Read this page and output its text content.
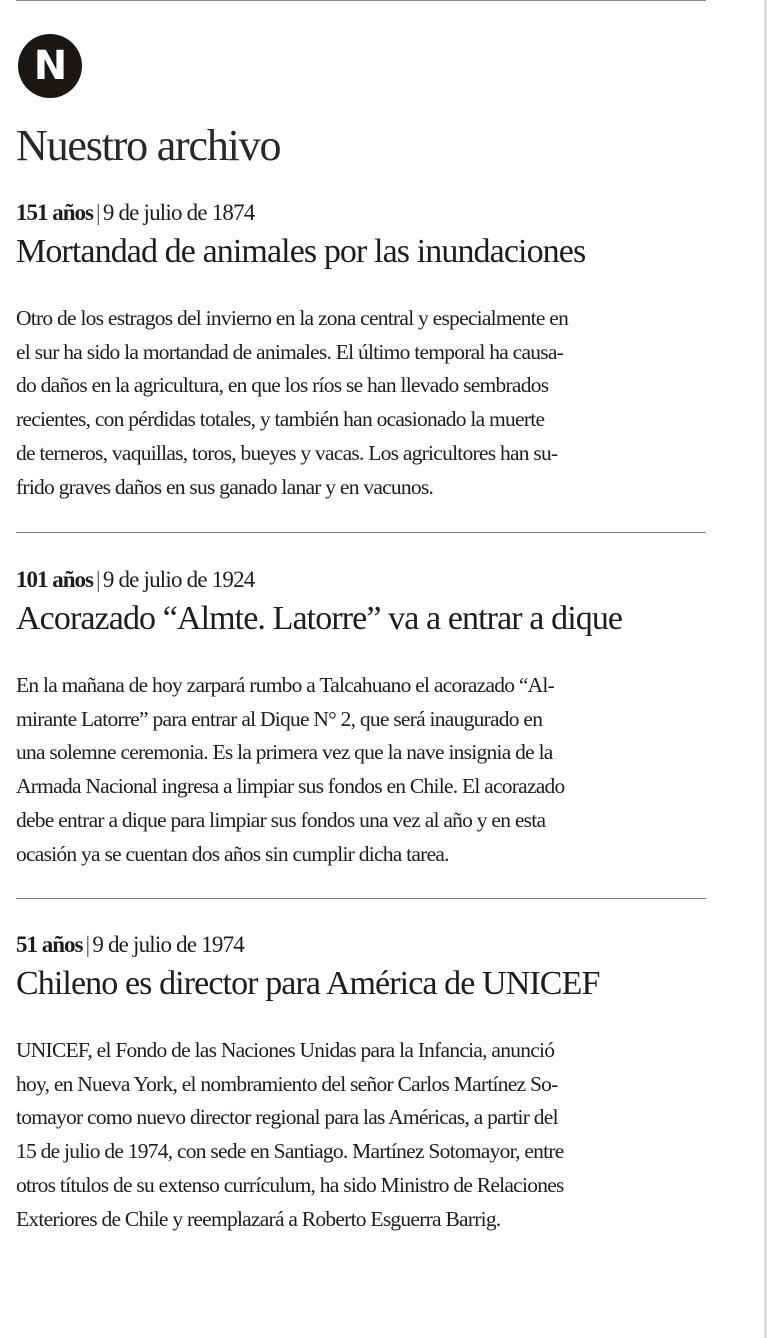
N
Nuestro archivo
151 años | 9 de julio de 1874
Mortandad de animales por las inundaciones
Otro de los estragos del invierno en la zona central y especialmente en
el sur ha sido la mortandad de animales. El último temporal ha causa-
do daños en la agricultura, en que los ríos se han llevado sembrados
recientes, con pérdidas totales, y también han ocasionado la muerte
de terneros, vaquillas, toros, bueyes y vacas. Los agricultores han su-
frido graves daños en sus ganado lanar y en vacunos.
101 años | 9 de julio de 1924
Acorazado “Almte. Latorre” va a entrar a dique
En la mañana de hoy zarpará rumbo a Talcahuano el acorazado “Al-
mirante Latorre” para entrar al Dique N° 2, que será inaugurado en
una solemne ceremonia. Es la primera vez que la nave insignia de la
Armada Nacional ingresa a limpiar sus fondos en Chile. El acorazado
debe entrar a dique para limpiar sus fondos una vez al año y en esta
ocasión ya se cuentan dos años sin cumplir dicha tarea.
51 años | 9 de julio de 1974
Chileno es director para América de UNICEF
UNICEF, el Fondo de las Naciones Unidas para la Infancia, anunció
hoy, en Nueva York, el nombramiento del señor Carlos Martínez So-
tomayor como nuevo director regional para las Américas, a partir del
15 de julio de 1974, con sede en Santiago. Martínez Sotomayor, entre
otros títulos de su extenso currículum, ha sido Ministro de Relaciones
Exteriores de Chile y reemplazará a Roberto Esguerra Barrig.
